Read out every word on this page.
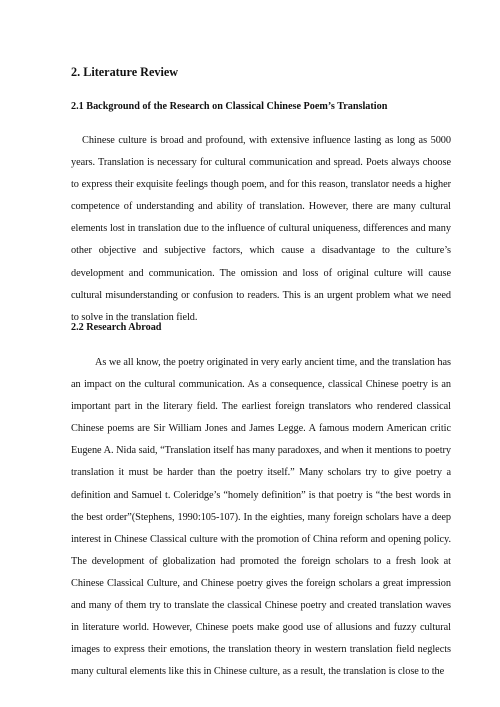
2. Literature Review
2.1 Background of the Research on Classical Chinese Poem’s Translation

Chinese culture is broad and profound, with extensive influence lasting as long as 5000 years. Translation is necessary for cultural communication and spread. Poets always choose to express their exquisite feelings though poem, and for this reason, translator needs a higher competence of understanding and ability of translation. However, there are many cultural elements lost in translation due to the influence of cultural uniqueness, differences and many other objective and subjective factors, which cause a disadvantage to the culture’s development and communication. The omission and loss of original culture will cause cultural misunderstanding or confusion to readers. This is an urgent problem what we need to solve in the translation field.

2.2 Research Abroad

As we all know, the poetry originated in very early ancient time, and the translation has an impact on the cultural communication. As a consequence, classical Chinese poetry is an important part in the literary field. The earliest foreign translators who rendered classical Chinese poems are Sir William Jones and James Legge. A famous modern American critic Eugene A. Nida said, “Translation itself has many paradoxes, and when it mentions to poetry translation it must be harder than the poetry itself.” Many scholars try to give poetry a definition and Samuel t. Coleridge’s “homely definition” is that poetry is “the best words in the best order”(Stephens, 1990:105-107). In the eighties, many foreign scholars have a deep interest in Chinese Classical culture with the promotion of China reform and opening policy. The development of globalization had promoted the foreign scholars to a fresh look at Chinese Classical Culture, and Chinese poetry gives the foreign scholars a great impression and many of them try to translate the classical Chinese poetry and created translation waves in literature world. However, Chinese poets make good use of allusions and fuzzy cultural images to express their emotions, the translation theory in western translation field neglects many cultural elements like this in Chinese culture, as a result, the translation is close to the
